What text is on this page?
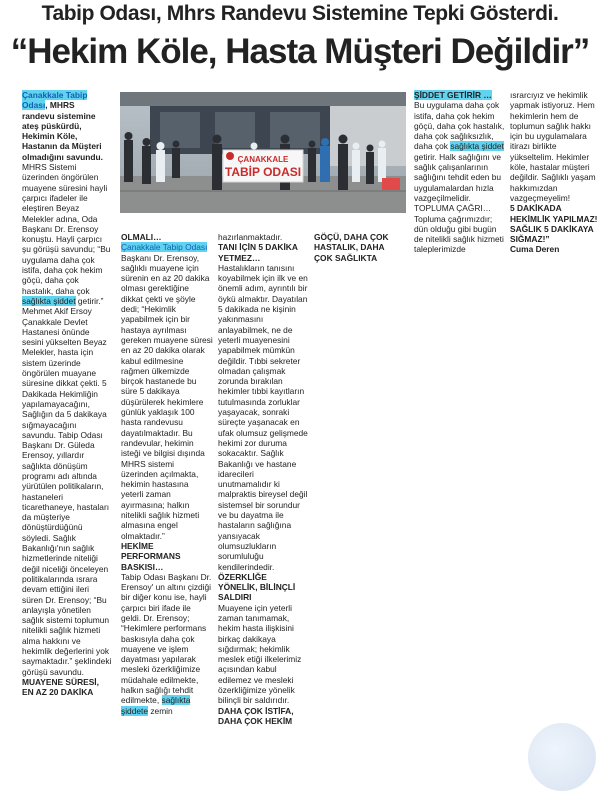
Tabip Odası, Mhrs Randevu Sistemine Tepki Gösterdi.
“Hekim Köle, Hasta Müşteri Değildir”

Çanakkale Tabip

Odası, MHRS

randevu sistemine

ateş püskürdü,

Hekimin Köle,

Hastanın da Müşteri

olmadığını savundu.

MHRS Sistemi üzerinden öngörülen muayene süresini hayli çarpıcı ifadeler ile eleştiren Beyaz Melekler adına, Oda Başkanı Dr. Erensoy konuştu. Hayli çarpıcı şu görüşü savundu; “Bu uygulama daha çok istifa, daha çok hekim göçü, daha çok hastalık, daha çok sağlıkta şiddet getirir.” Mehmet Akif Ersoy Çanakkale Devlet Hastanesi önünde sesini yükselten Beyaz Melekler, hasta için sistem üzerinde öngörülen muayane süresine dikkat çekti. 5 Dakikada Hekimliğin yapılamayacağını, Sağlığın da 5 dakikaya sığmayacağını savundu. Tabip Odası Başkanı Dr. Güleda Erensoy, yıllardır sağlıkta dönüşüm programı adı altında yürütülen politikaların, hastaneleri ticarethaneye, hastaları da müşteriye dönüştürdüğünü söyledi. Sağlık Bakanlığı'nın sağlık hizmetlerinde niteliği değil niceliği önceleyen politikalarında ısrara devam ettiğini ileri süren Dr. Erensoy; “Bu anlayışla yönetilen sağlık sistemi toplumun nitelikli sağlık hizmeti alma hakkını ve hekimlik değerlerini yok saymaktadır.” şeklindeki görüşü savundu.

MUAYENE SÜRESİ, EN AZ 20 DAKİKA

ÇANAKKALE
TABİP ODASI

OLMALI…

Çanakkale Tabip Odası Başkanı Dr. Erensoy, sağlıklı muayene için sürenin en az 20 dakika olması gerektiğine dikkat çekti ve şöyle dedi; “Hekimlik yapabilmek için bir hastaya ayrılması gereken muayene süresi en az 20 dakika olarak kabul edilmesine rağmen ülkemizde birçok hastanede bu süre 5 dakikaya düşürülerek hekimlere günlük yaklaşık 100 hasta randevusu dayatılmaktadır. Bu randevular, hekimin isteği ve bilgisi dışında MHRS sistemi üzerinden açılmakta, hekimin hastasına yeterli zaman ayırmasına; halkın nitelikli sağlık hizmeti almasına engel olmaktadır.”

HEKİME PERFORMANS BASKISI…

Tabip Odası Başkanı Dr. Erensoy' un altını çizdiği bir diğer konu ise, hayli çarpıcı biri ifade ile geldi. Dr. Erensoy; “Hekimlere performans baskısıyla daha çok muayene ve işlem dayatması yapılarak mesleki özerkliğimize müdahale edilmekte, halkın sağlığı tehdit edilmekte, sağlıkta şiddete zemin

hazırlanmaktadır.

TANI İÇİN 5 DAKİKA YETMEZ…

Hastalıkların tanısını koyabilmek için ilk ve en önemli adım, ayrıntılı bir öykü almaktır. Dayatılan 5 dakikada ne kişinin yakınmasını anlayabilmek, ne de yeterli muayenesini yapabilmek mümkün değildir. Tıbbi sekreter olmadan çalışmak zorunda bırakılan hekimler tıbbi kayıtların tutulmasında zorluklar yaşayacak, sonraki süreçte yaşanacak en ufak olumsuz gelişmede hekimi zor duruma sokacaktır. Sağlık Bakanlığı ve hastane idarecileri unutmamalıdır ki malpraktis bireysel değil sistemsel bir sorundur ve bu dayatma ile hastaların sağlığına yansıyacak olumsuzlukların sorumluluğu kendilerindedir.

ÖZERKLİĞE YÖNELİK, BİLİNÇLİ SALDIRI

Muayene için yeterli zaman tanımamak, hekim hasta ilişkisini birkaç dakikaya sığdırmak; hekimlik meslek etiği ilkelerimiz açısından kabul edilemez ve mesleki özerkliğimize yönelik bilinçli bir saldırıdır.

DAHA ÇOK İSTİFA, DAHA ÇOK HEKİM

GÖÇÜ, DAHA ÇOK HASTALIK, DAHA ÇOK SAĞLIKTA

ŞİDDET GETİRİR …

Bu uygulama daha çok istifa, daha çok hekim göçü, daha çok hastalık, daha çok sağlıksızlık, daha çok sağlıkta şiddet getirir. Halk sağlığını ve sağlık çalışanlarının sağlığını tehdit eden bu uygulamalardan hızla vazgeçilmelidir.

TOPLUMA ÇAĞRI…

Topluma çağrımızdır; dün olduğu gibi bugün de nitelikli sağlık hizmeti taleplerimizde

ısrarcıyız ve hekimlik yapmak istiyoruz. Hem hekimlerin hem de toplumun sağlık hakkı için bu uygulamalara itirazı birlikte yükseltelim. Hekimler köle, hastalar müşteri değildir. Sağlıklı yaşam hakkımızdan vazgeçmeyelim!

5 DAKİKADA HEKİMLİK YAPILMAZ! SAĞLIK 5 DAKİKAYA SIĞMAZ!”

Cuma Deren
